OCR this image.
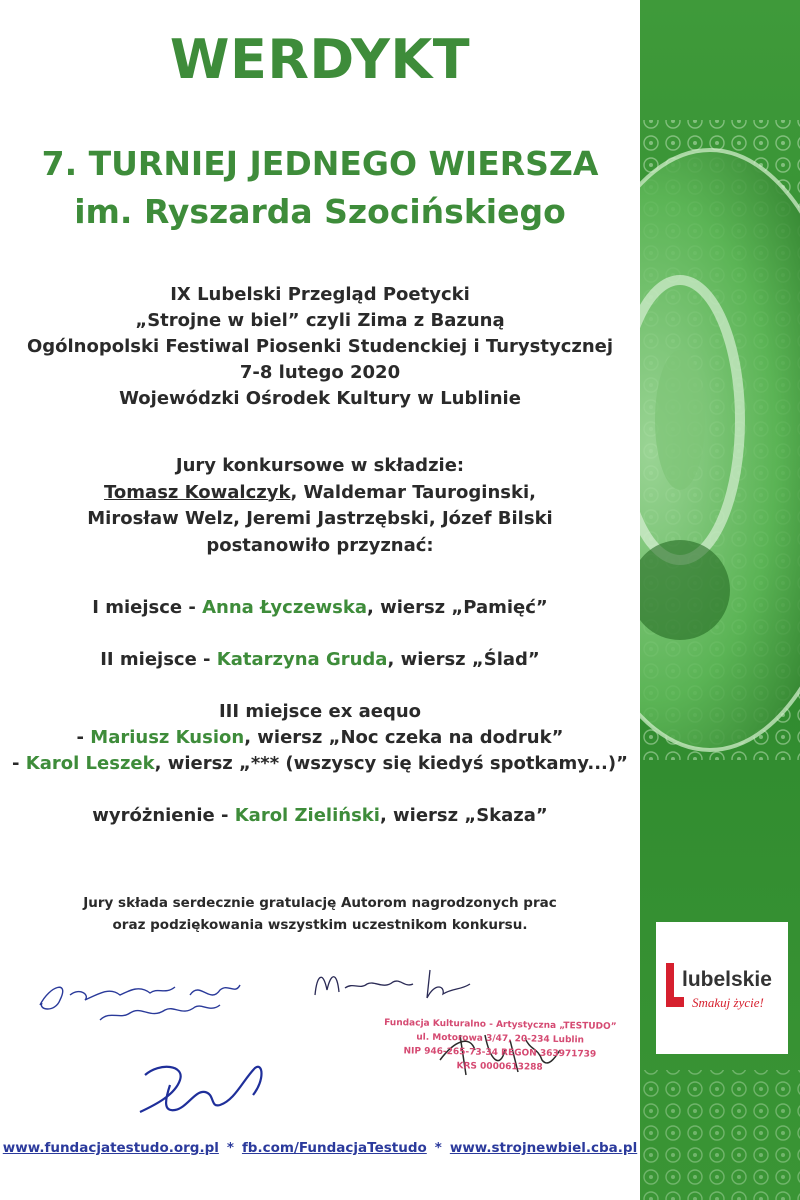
WERDYKT
7. TURNIEJ JEDNEGO WIERSZA
im. Ryszarda Szocińskiego
IX Lubelski Przegląd Poetycki
„Strojne w biel” czyli Zima z Bazuną
Ogólnopolski Festiwal Piosenki Studenckiej i Turystycznej
7-8 lutego 2020
Wojewódzki Ośrodek Kultury w Lublinie
Jury konkursowe w składzie:
Tomasz Kowalczyk, Waldemar Tauroginski,
Mirosław Welz, Jeremi Jastrzębski, Józef Bilski
postanowiło przyznać:
I miejsce - Anna Łyczewska, wiersz „Pamięć”
II miejsce - Katarzyna Gruda, wiersz „Ślad”
III miejsce ex aequo
- Mariusz Kusion, wiersz „Noc czeka na dodruk”
- Karol Leszek, wiersz „*** (wszyscy się kiedyś spotkamy...)”
wyróżnienie - Karol Zieliński, wiersz „Skaza”
Jury składa serdecznie gratulację Autorom nagrodzonych prac
oraz podziękowania wszystkim uczestnikom konkursu.
Fundacja Kulturalno - Artystyczna „TESTUDO”
ul. Motorowa 3/47, 20-234 Lublin
NIP 946-265-73-34 REGON 363971739
KRS 0000613288
www.fundacjatestudo.org.pl * fb.com/FundacjaTestudo * www.strojnewbiel.cba.pl
lubelskie
Smakuj życie!
